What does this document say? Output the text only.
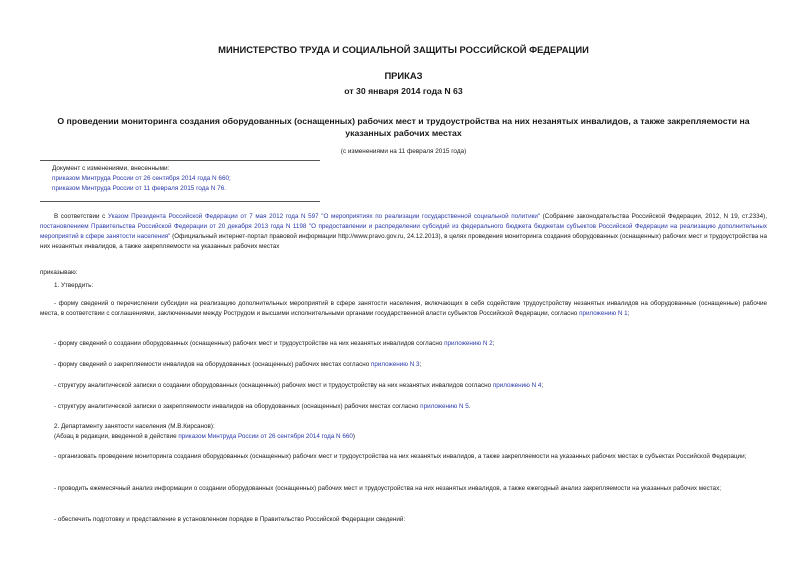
МИНИСТЕРСТВО ТРУДА И СОЦИАЛЬНОЙ ЗАЩИТЫ РОССИЙСКОЙ ФЕДЕРАЦИИ
ПРИКАЗ
от 30 января 2014 года N 63
О проведении мониторинга создания оборудованных (оснащенных) рабочих мест и трудоустройства на них незанятых инвалидов, а также закрепляемости на указанных рабочих местах
(с изменениями на 11 февраля 2015 года)
Документ с изменениями, внесенными:
приказом Минтруда России от 26 сентября 2014 года N 660;
приказом Минтруда России от 11 февраля 2015 года N 76.
В соответствии с Указом Президента Российской Федерации от 7 мая 2012 года N 597 "О мероприятиях по реализации государственной социальной политики" (Собрание законодательства Российской Федерации, 2012, N 19, ст.2334), постановлением Правительства Российской Федерации от 20 декабря 2013 года N 1198 "О предоставлении и распределении субсидий из федерального бюджета бюджетам субъектов Российской Федерации на реализацию дополнительных мероприятий в сфере занятости населения" (Официальный интернет-портал правовой информации http://www.pravo.gov.ru, 24.12.2013), в целях проведения мониторинга создания оборудованных (оснащенных) рабочих мест и трудоустройства на них незанятых инвалидов, а также закрепляемости на указанных рабочих местах
приказываю:
1. Утвердить:
- форму сведений о перечислении субсидии на реализацию дополнительных мероприятий в сфере занятости населения, включающих в себя содействие трудоустройству незанятых инвалидов на оборудованные (оснащенные) рабочие места, в соответствии с соглашениями, заключенными между Рострудом и высшими исполнительными органами государственной власти субъектов Российской Федерации, согласно приложению N 1;
- форму сведений о создании оборудованных (оснащенных) рабочих мест и трудоустройстве на них незанятых инвалидов согласно приложению N 2;
- форму сведений о закрепляемости инвалидов на оборудованных (оснащенных) рабочих местах согласно приложению N 3;
- структуру аналитической записки о создании оборудованных (оснащенных) рабочих мест и трудоустройству на них незанятых инвалидов согласно приложению N 4;
- структуру аналитической записки о закрепляемости инвалидов на оборудованных (оснащенных) рабочих местах согласно приложению N 5.
2. Департаменту занятости населения (М.В.Кирсанов):
(Абзац в редакции, введенной в действие приказом Минтруда России от 26 сентября 2014 года N 660)
- организовать проведение мониторинга создания оборудованных (оснащенных) рабочих мест и трудоустройства на них незанятых инвалидов, а также закрепляемости на указанных рабочих местах в субъектах Российской Федерации;
- проводить ежемесячный анализ информации о создании оборудованных (оснащенных) рабочих мест и трудоустройства на них незанятых инвалидов, а также ежегодный анализ закрепляемости на указанных рабочих местах;
- обеспечить подготовку и представление в установленном порядке в Правительство Российской Федерации сведений:
